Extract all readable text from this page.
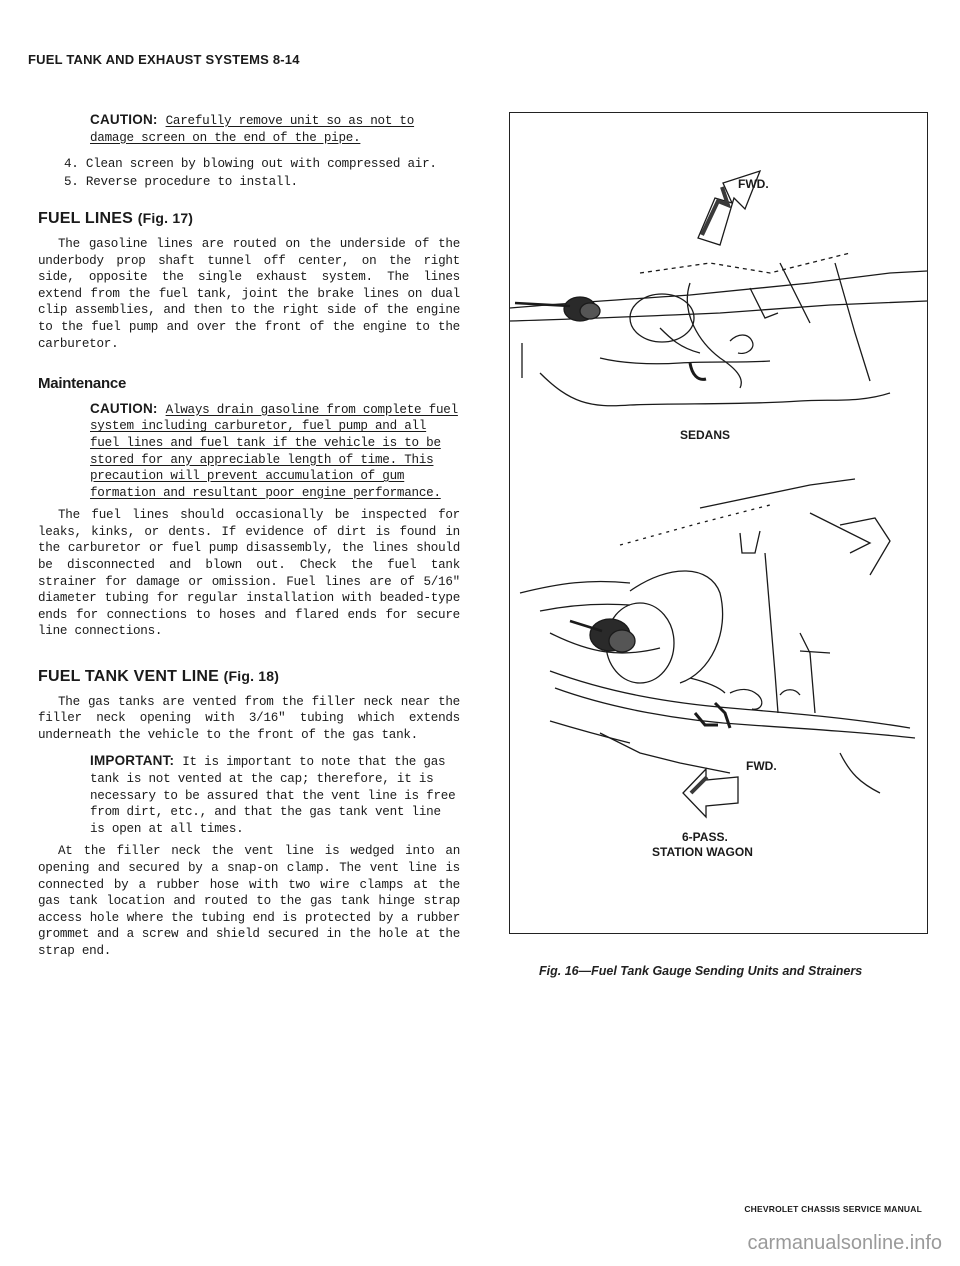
FUEL TANK AND EXHAUST SYSTEMS 8-14
CAUTION: Carefully remove unit so as not to
damage screen on the end of the pipe.
4. Clean screen by blowing out with compressed air.
5. Reverse procedure to install.
FUEL LINES (Fig. 17)

The gasoline lines are routed on the underside of the underbody prop shaft tunnel off center, on the right side, opposite the single exhaust system. The lines extend from the fuel tank, joint the brake lines on dual clip assemblies, and then to the right side of the engine to the fuel pump and over the front of the engine to the carburetor.

Maintenance
CAUTION: Always drain gasoline from complete fuel system including carburetor, fuel pump and all fuel lines and fuel tank if the vehicle is to be stored for any appreciable length of time. This precaution will prevent accumulation of gum formation and resultant poor engine performance.

The fuel lines should occasionally be inspected for leaks, kinks, or dents. If evidence of dirt is found in the carburetor or fuel pump disassembly, the lines should be disconnected and blown out. Check the fuel tank strainer for damage or omission. Fuel lines are of 5/16" diameter tubing for regular installation with beaded-type ends for connections to hoses and flared ends for secure line connections.

FUEL TANK VENT LINE (Fig. 18)

The gas tanks are vented from the filler neck near the filler neck opening with 3/16" tubing which extends underneath the vehicle to the front of the gas tank.

IMPORTANT: It is important to note that the gas tank is not vented at the cap; therefore, it is necessary to be assured that the vent line is free from dirt, etc., and that the gas tank vent line is open at all times.

At the filler neck the vent line is wedged into an opening and secured by a snap-on clamp. The vent line is connected by a rubber hose with two wire clamps at the gas tank location and routed to the gas tank hinge strap access hole where the tubing end is protected by a rubber grommet and a screw and shield secured in the hole at the strap end.

FWD.
SEDANS
FWD.
6-PASS.
STATION WAGON
Fig. 16—Fuel Tank Gauge Sending Units and Strainers
CHEVROLET CHASSIS SERVICE MANUAL
carmanualsonline.info
